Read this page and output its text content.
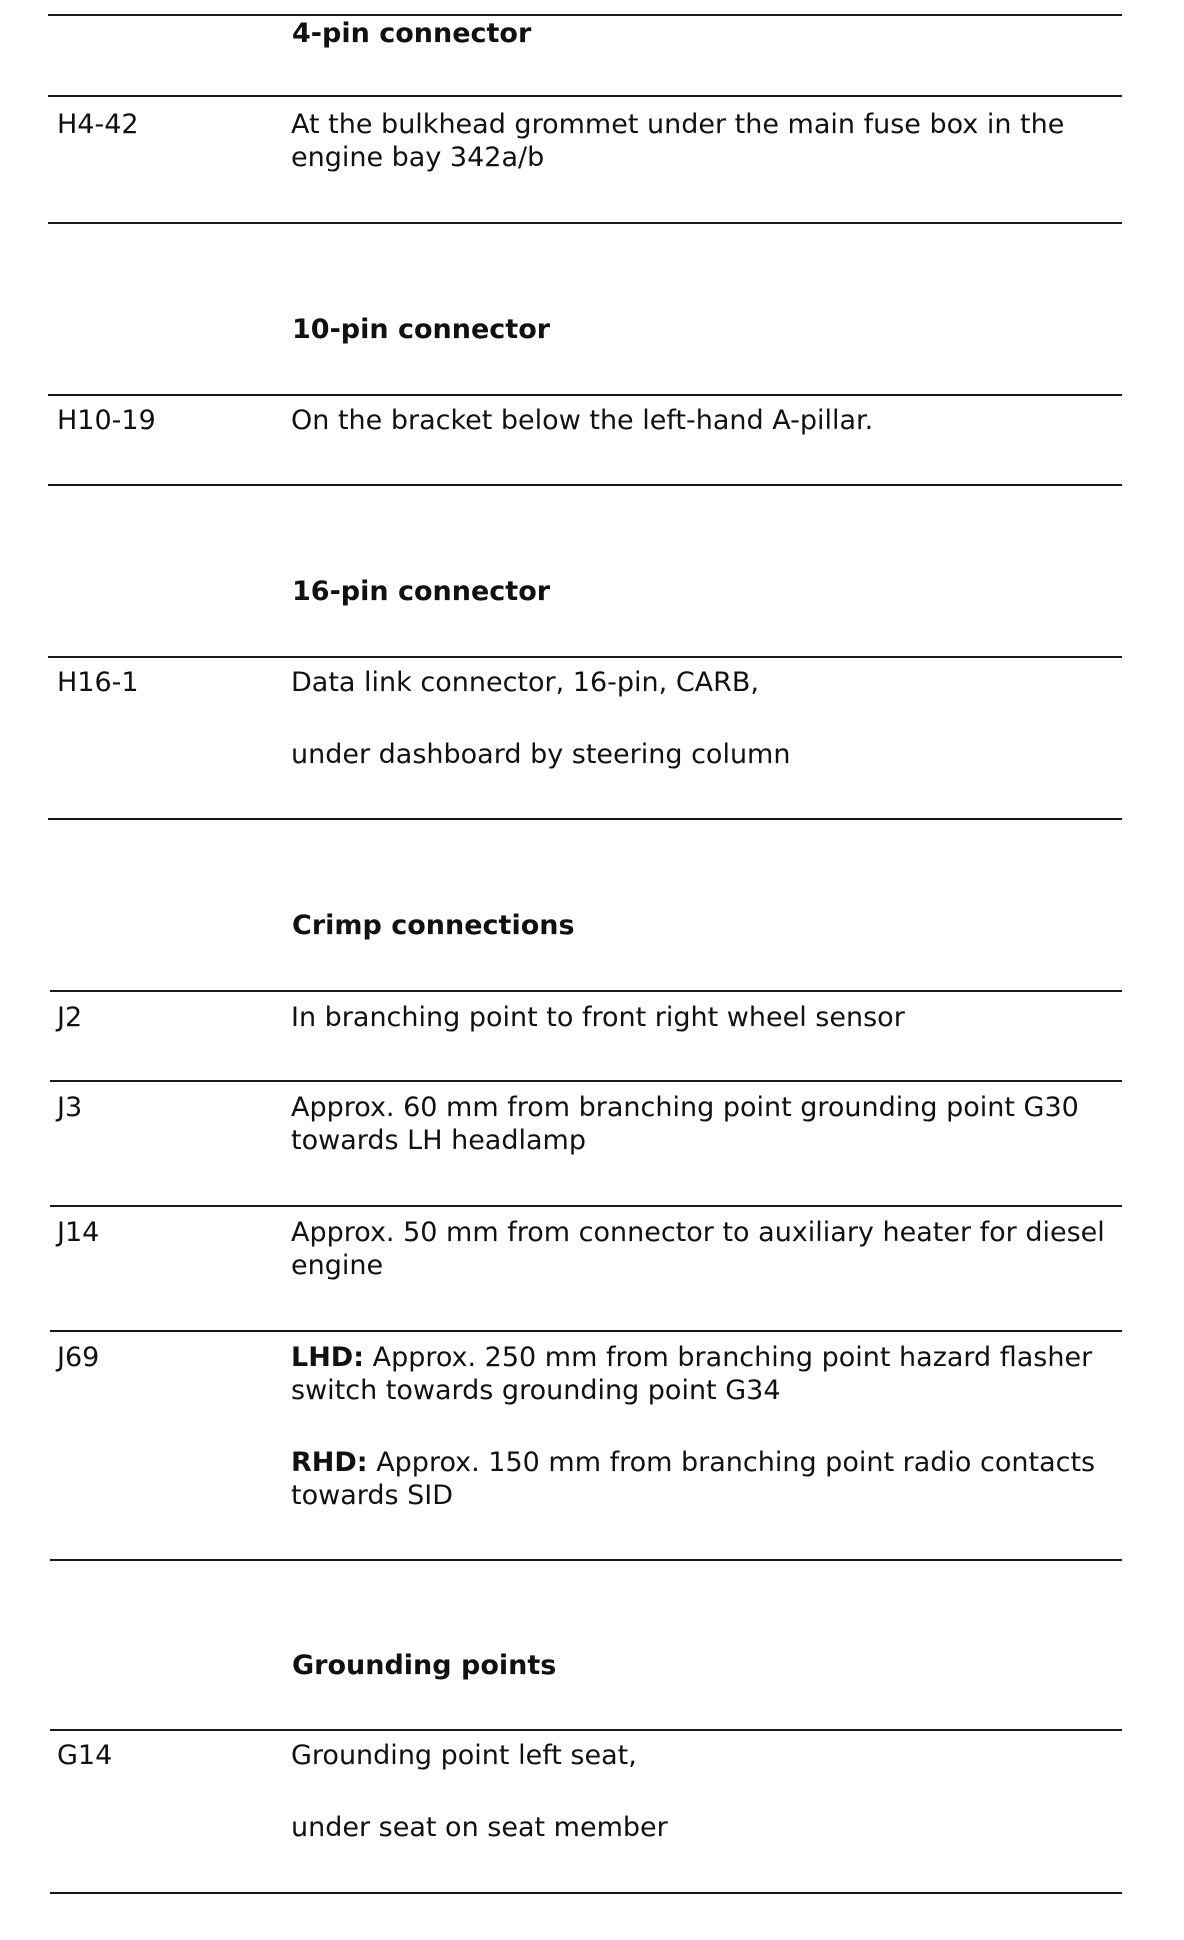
4-pin connector
H4-42	At the bulkhead grommet under the main fuse box in the engine bay 342a/b

10-pin connector
H10-19	On the bracket below the left-hand A-pillar.

16-pin connector
H16-1	Data link connector, 16-pin, CARB,

under dashboard by steering column

Crimp connections
J2	In branching point to front right wheel sensor

J3	Approx. 60 mm from branching point grounding point G30 towards LH headlamp

J14	Approx. 50 mm from connector to auxiliary heater for diesel engine

J69	LHD: Approx. 250 mm from branching point hazard flasher switch towards grounding point G34

RHD: Approx. 150 mm from branching point radio contacts towards SID

Grounding points
G14	Grounding point left seat,

under seat on seat member
